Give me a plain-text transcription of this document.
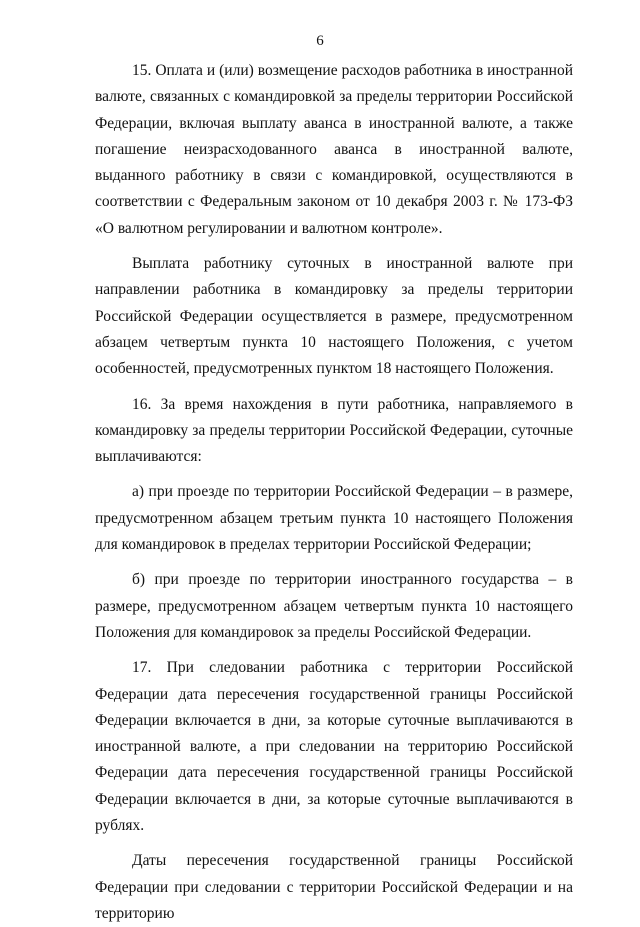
6

15. Оплата и (или) возмещение расходов работника в иностранной валюте, связанных с командировкой за пределы территории Российской Федерации, включая выплату аванса в иностранной валюте, а также погашение неизрасходованного аванса в иностранной валюте, выданного работнику в связи с командировкой, осуществляются в соответствии с Федеральным законом от 10 декабря 2003 г. № 173-ФЗ «О валютном регулировании и валютном контроле».

Выплата работнику суточных в иностранной валюте при направлении работника в командировку за пределы территории Российской Федерации осуществляется в размере, предусмотренном абзацем четвертым пункта 10 настоящего Положения, с учетом особенностей, предусмотренных пунктом 18 настоящего Положения.

16. За время нахождения в пути работника, направляемого в командировку за пределы территории Российской Федерации, суточные выплачиваются:

а) при проезде по территории Российской Федерации – в размере, предусмотренном абзацем третьим пункта 10 настоящего Положения для командировок в пределах территории Российской Федерации;

б) при проезде по территории иностранного государства – в размере, предусмотренном абзацем четвертым пункта 10 настоящего Положения для командировок за пределы Российской Федерации.

17. При следовании работника с территории Российской Федерации дата пересечения государственной границы Российской Федерации включается в дни, за которые суточные выплачиваются в иностранной валюте, а при следовании на территорию Российской Федерации дата пересечения государственной границы Российской Федерации включается в дни, за которые суточные выплачиваются в рублях.

Даты пересечения государственной границы Российской Федерации при следовании с территории Российской Федерации и на территорию
